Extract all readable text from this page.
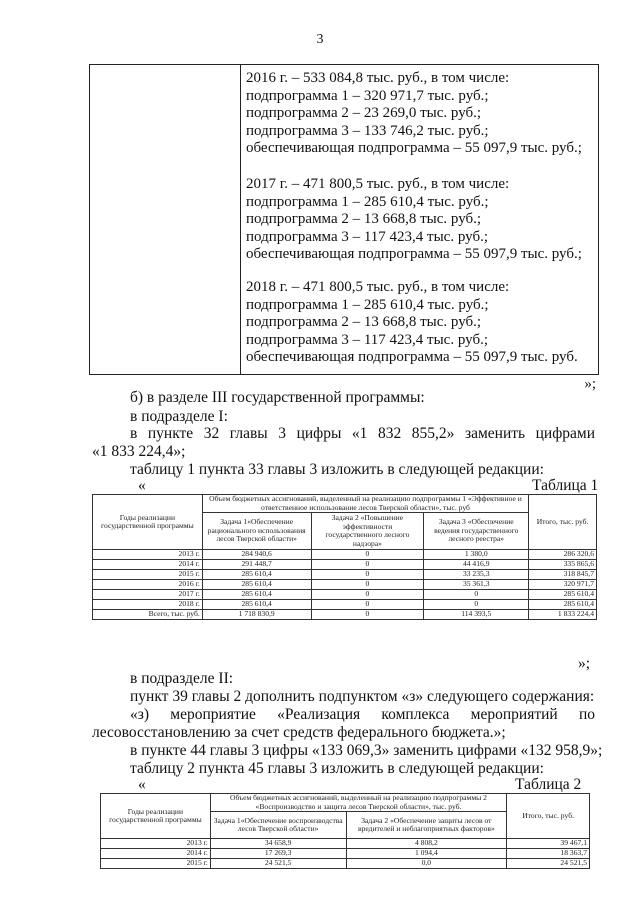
3
2016 г. – 533 084,8 тыс. руб., в том числе:
подпрограмма 1 – 320 971,7 тыс. руб.;
подпрограмма 2 – 23 269,0 тыс. руб.;
подпрограмма 3 – 133 746,2 тыс. руб.;
обеспечивающая подпрограмма – 55 097,9 тыс. руб.;
2017 г. – 471 800,5 тыс. руб., в том числе:
подпрограмма 1 – 285 610,4 тыс. руб.;
подпрограмма 2 – 13 668,8 тыс. руб.;
подпрограмма 3 – 117 423,4 тыс. руб.;
обеспечивающая подпрограмма – 55 097,9 тыс. руб.;
2018 г. – 471 800,5 тыс. руб., в том числе:
подпрограмма 1 – 285 610,4 тыс. руб.;
подпрограмма 2 – 13 668,8 тыс. руб.;
подпрограмма 3 – 117 423,4 тыс. руб.;
обеспечивающая подпрограмма – 55 097,9 тыс. руб.
»;
б) в разделе III государственной программы:
в подразделе I:
в пункте 32 главы 3 цифры «1 832 855,2» заменить цифрами
«1 833 224,4»;
таблицу 1 пункта 33 главы 3 изложить в следующей редакции:
«	Таблица 1
Годы реализации государственной программы	Объем бюджетных ассигнований, выделенный на реализацию подпрограммы 1 «Эффективное и ответственное использование лесов Тверской области», тыс. руб			Итого, тыс. руб.
	Задача 1«Обеспечение рационального использования лесов Тверской области»	Задача 2 «Повышение эффективности государственного лесного надзора»	Задача 3 «Обеспечение ведения государственного лесного реестра»	
2013 г.	284 940,6	0	1 380,0	286 320,6
2014 г.	291 448,7	0	44 416,9	335 865,6
2015 г.	285 610,4	0	33 235,3	318 845,7
2016 г.	285 610,4	0	35 361,3	320 971,7
2017 г.	285 610,4	0	0	285 610,4
2018 г.	285 610,4	0	0	285 610,4
Всего, тыс. руб.	1 718 830,9	0	114 393,5	1 833 224,4
»;
в подразделе II:
пункт 39 главы 2 дополнить подпунктом «з» следующего содержания:
«з) мероприятие «Реализация комплекса мероприятий по
лесовосстановлению за счет средств федерального бюджета.»;
в пункте 44 главы 3 цифры «133 069,3» заменить цифрами «132 958,9»;
таблицу 2 пункта 45 главы 3 изложить в следующей редакции:
«	Таблица 2
Годы реализации государственной программы	Объем бюджетных ассигнований, выделенный на реализацию подпрограммы 2 «Воспроизводство и защита лесов Тверской области», тыс. руб.		Итого, тыс. руб.
	Задача 1«Обеспечение воспроизводства лесов Тверской области»	Задача 2 «Обеспечение защиты лесов от вредителей и неблагоприятных факторов»	
2013 г.	34 658,9	4 808,2	39 467,1
2014 г.	17 269,3	1 094,4	18 363,7
2015 г.	24 521,5	0,0	24 521,5
